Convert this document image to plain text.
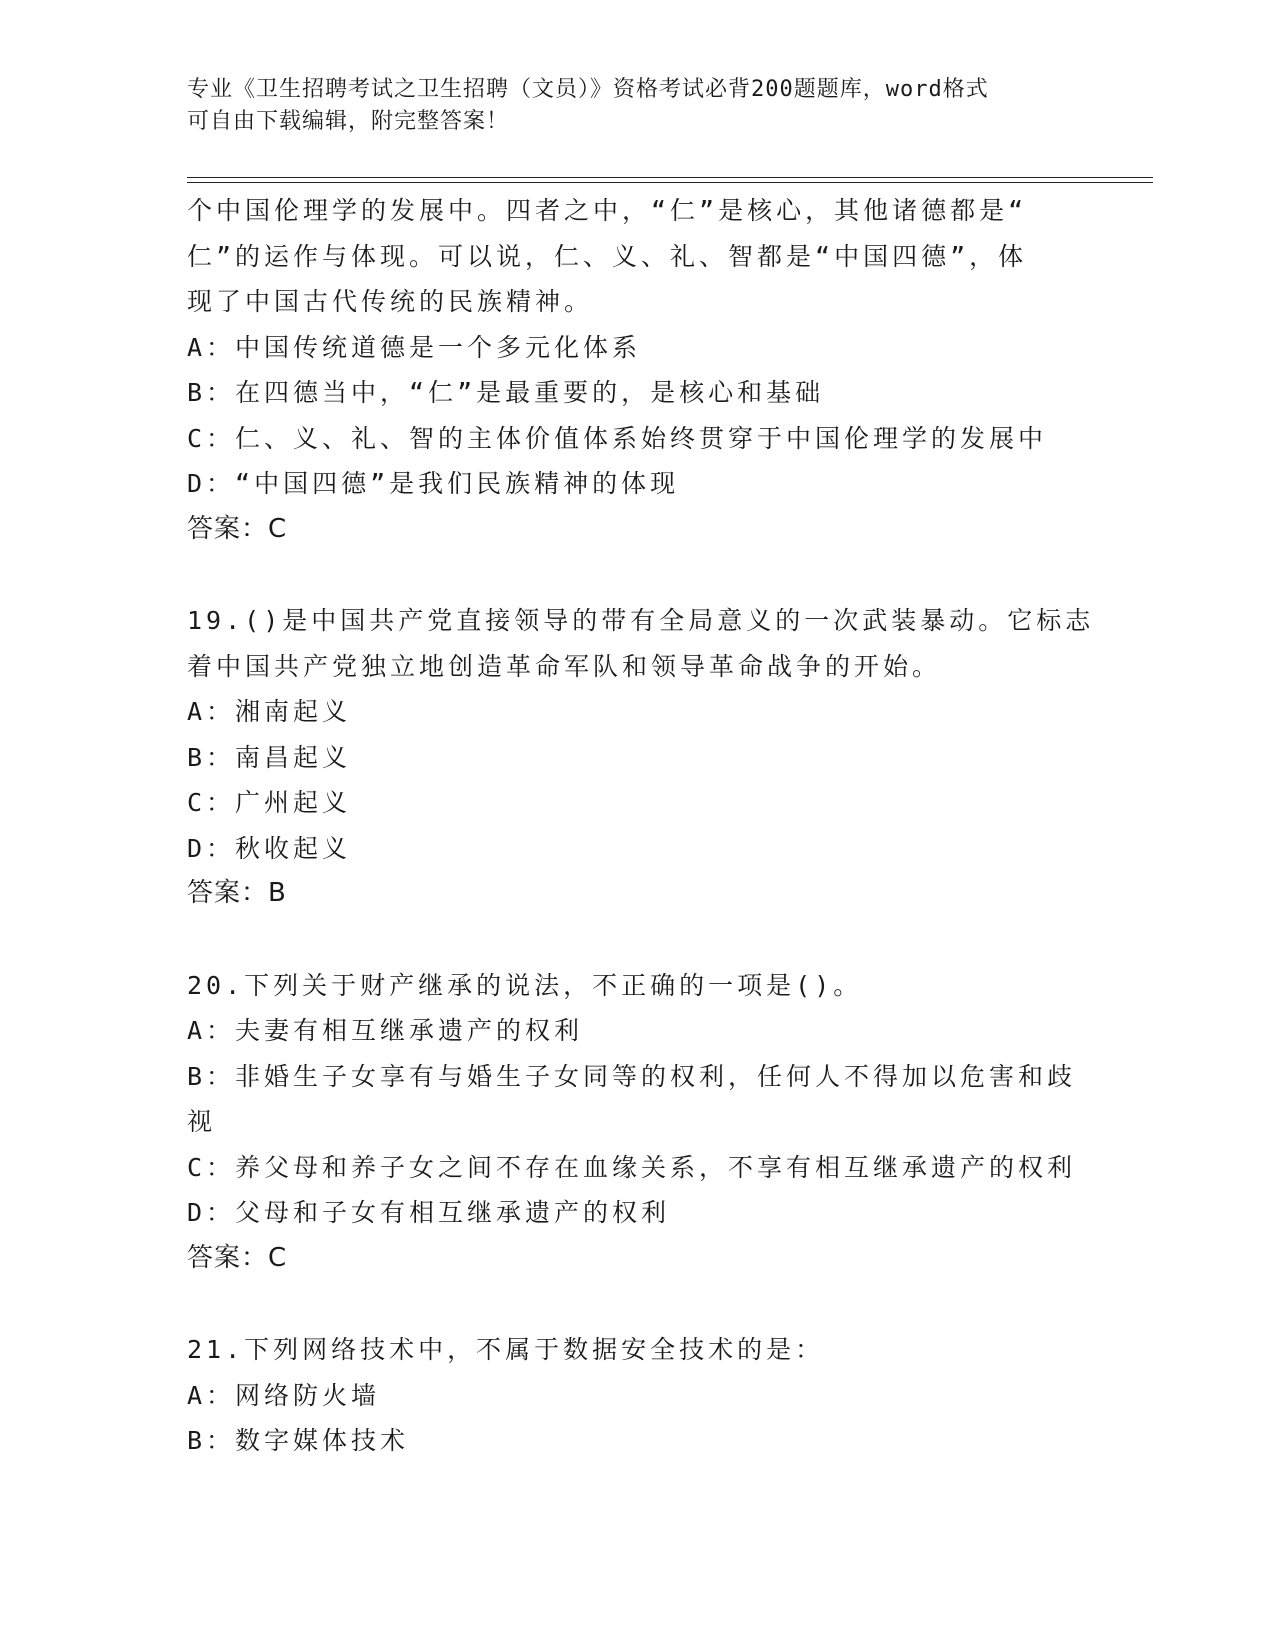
专业《卫生招聘考试之卫生招聘（文员）》资格考试必背200题题库，word格式
可自由下载编辑，附完整答案！
个中国伦理学的发展中。四者之中，“仁”是核心，其他诸德都是“
仁”的运作与体现。可以说，仁、义、礼、智都是“中国四德”，体
现了中国古代传统的民族精神。
A：中国传统道德是一个多元化体系
B：在四德当中，“仁”是最重要的，是核心和基础
C：仁、义、礼、智的主体价值体系始终贯穿于中国伦理学的发展中
D：“中国四德”是我们民族精神的体现
答案：C
19.()是中国共产党直接领导的带有全局意义的一次武装暴动。它标志
着中国共产党独立地创造革命军队和领导革命战争的开始。
A：湘南起义
B：南昌起义
C：广州起义
D：秋收起义
答案：B
20.下列关于财产继承的说法，不正确的一项是()。
A：夫妻有相互继承遗产的权利
B：非婚生子女享有与婚生子女同等的权利，任何人不得加以危害和歧
视
C：养父母和养子女之间不存在血缘关系，不享有相互继承遗产的权利
D：父母和子女有相互继承遗产的权利
答案：C
21.下列网络技术中，不属于数据安全技术的是：
A：网络防火墙
B：数字媒体技术
